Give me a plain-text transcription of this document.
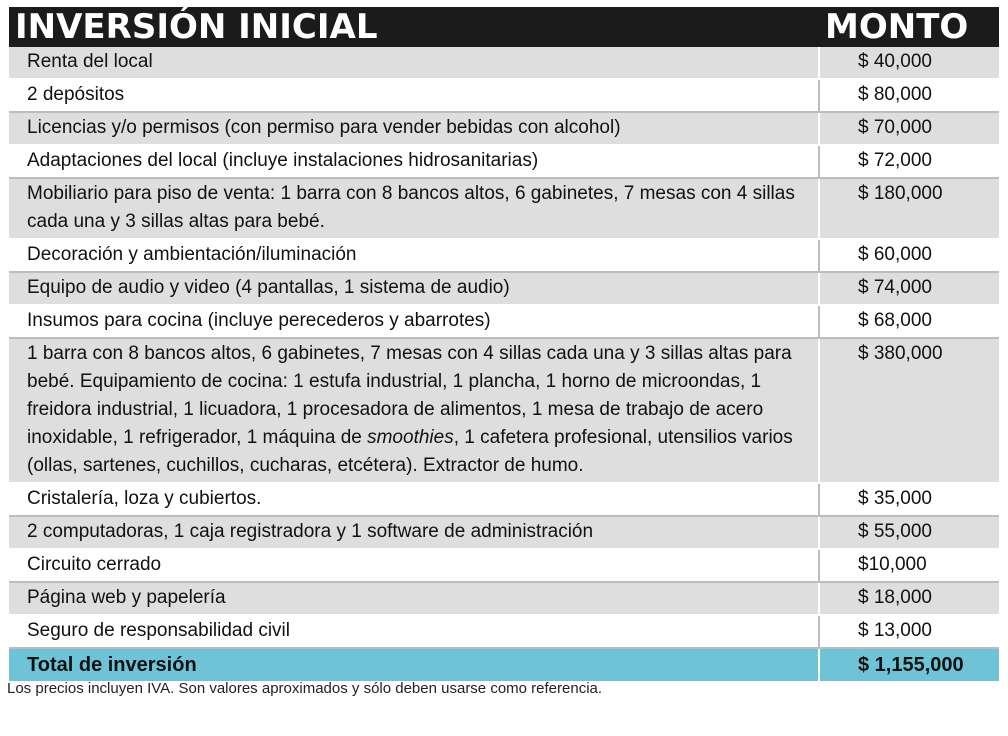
INVERSIÓN INICIAL	MONTO
Renta del local	$ 40,000
2 depósitos	$ 80,000
Licencias y/o permisos (con permiso para vender bebidas con alcohol)	$ 70,000
Adaptaciones del local (incluye instalaciones hidrosanitarias)	$ 72,000
Mobiliario para piso de venta: 1 barra con 8 bancos altos, 6 gabinetes, 7 mesas con 4 sillas cada una y 3 sillas altas para bebé.	$ 180,000
Decoración y ambientación/iluminación	$ 60,000
Equipo de audio y video (4 pantallas, 1 sistema de audio)	$ 74,000
Insumos para cocina (incluye perecederos y abarrotes)	$ 68,000
1 barra con 8 bancos altos, 6 gabinetes, 7 mesas con 4 sillas cada una y 3 sillas altas para bebé. Equipamiento de cocina: 1 estufa industrial, 1 plancha, 1 horno de microondas, 1 freidora industrial, 1 licuadora, 1 procesadora de alimentos, 1 mesa de trabajo de acero inoxidable, 1 refrigerador, 1 máquina de smoothies, 1 cafetera profesional, utensilios varios (ollas, sartenes, cuchillos, cucharas, etcétera). Extractor de humo.	$ 380,000
Cristalería, loza y cubiertos.	$ 35,000
2 computadoras, 1 caja registradora y 1 software de administración	$ 55,000
Circuito cerrado	$10,000
Página web y papelería	$ 18,000
Seguro de responsabilidad civil	$ 13,000
Total de inversión	$ 1,155,000
Los precios incluyen IVA. Son valores aproximados y sólo deben usarse como referencia.
